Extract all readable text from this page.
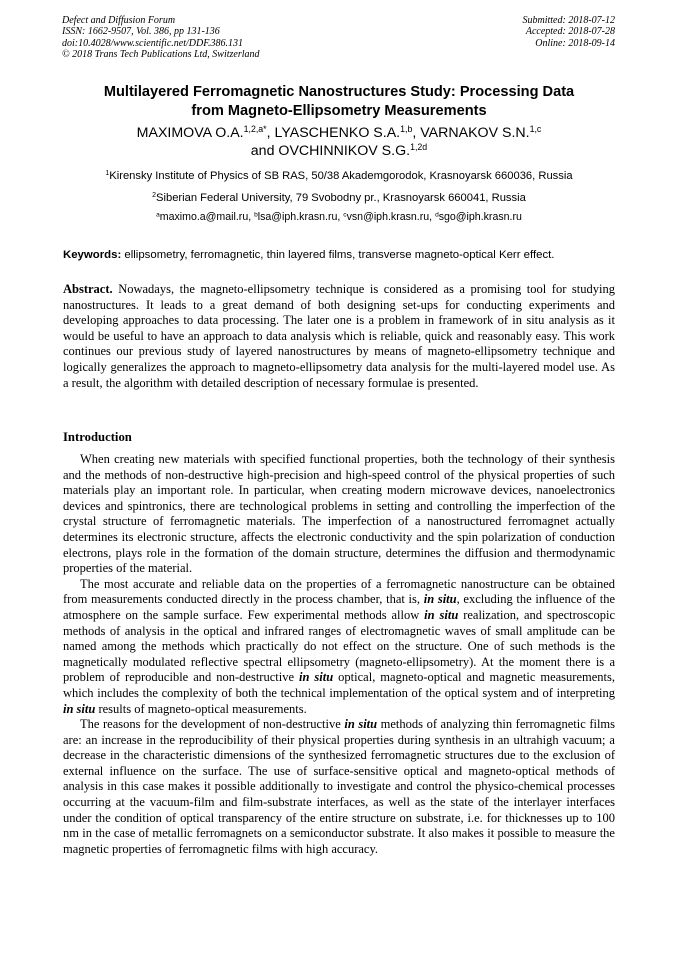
Defect and Diffusion Forum
ISSN: 1662-9507, Vol. 386, pp 131-136
doi:10.4028/www.scientific.net/DDF.386.131
© 2018 Trans Tech Publications Ltd, Switzerland
Submitted: 2018-07-12
Accepted: 2018-07-28
Online: 2018-09-14
Multilayered Ferromagnetic Nanostructures Study: Processing Data
from Magneto-Ellipsometry Measurements
MAXIMOVA O.A.$^{1,2,a*}$, LYASCHENKO S.A.$^{1,b}$, VARNAKOV S.N.$^{1,c}$
and OVCHINNIKOV S.G.$^{1,2d}$
$^1$Kirensky Institute of Physics of SB RAS, 50/38 Akademgorodok, Krasnoyarsk 660036, Russia
$^2$Siberian Federal University, 79 Svobodny pr., Krasnoyarsk 660041, Russia
$^a$maximo.a@mail.ru, $^b$lsa@iph.krasn.ru, $^c$vsn@iph.krasn.ru, $^d$sgo@iph.krasn.ru
Keywords: ellipsometry, ferromagnetic, thin layered films, transverse magneto-optical Kerr effect.
Abstract. Nowadays, the magneto-ellipsometry technique is considered as a promising tool for studying nanostructures. It leads to a great demand of both designing set-ups for conducting experiments and developing approaches to data processing. The later one is a problem in framework of in situ analysis as it would be useful to have an approach to data analysis which is reliable, quick and reasonably easy. This work continues our previous study of layered nanostructures by means of magneto-ellipsometry technique and logically generalizes the approach to magneto-ellipsometry data analysis for the multi-layered model use. As a result, the algorithm with detailed description of necessary formulae is presented.
Introduction

When creating new materials with specified functional properties, both the technology of their synthesis and the methods of non-destructive high-precision and high-speed control of the physical properties of such materials play an important role. In particular, when creating modern microwave devices, nanoelectronics devices and spintronics, there are technological problems in setting and controlling the imperfection of the crystal structure of ferromagnetic materials. The imperfection of a nanostructured ferromagnet actually determines its electronic structure, affects the electronic conductivity and the spin polarization of conduction electrons, plays role in the formation of the domain structure, determines the diffusion and thermodynamic properties of the material.

The most accurate and reliable data on the properties of a ferromagnetic nanostructure can be obtained from measurements conducted directly in the process chamber, that is, in situ, excluding the influence of the atmosphere on the sample surface. Few experimental methods allow in situ realization, and spectroscopic methods of analysis in the optical and infrared ranges of electromagnetic waves of small amplitude can be named among the methods which practically do not effect on the structure. One of such methods is the magnetically modulated reflective spectral ellipsometry (magneto-ellipsometry). At the moment there is a problem of reproducible and non-destructive in situ optical, magneto-optical and magnetic measurements, which includes the complexity of both the technical implementation of the optical system and of interpreting in situ results of magneto-optical measurements.

The reasons for the development of non-destructive in situ methods of analyzing thin ferromagnetic films are: an increase in the reproducibility of their physical properties during synthesis in an ultrahigh vacuum; a decrease in the characteristic dimensions of the synthesized ferromagnetic structures due to the exclusion of external influence on the surface. The use of surface-sensitive optical and magneto-optical methods of analysis in this case makes it possible additionally to investigate and control the physico-chemical processes occurring at the vacuum-film and film-substrate interfaces, as well as the state of the interlayer interfaces under the condition of optical transparency of the entire structure on substrate, i.e. for thicknesses up to 100 nm in the case of metallic ferromagnets on a semiconductor substrate. It also makes it possible to measure the magnetic properties of ferromagnetic films with high accuracy.
